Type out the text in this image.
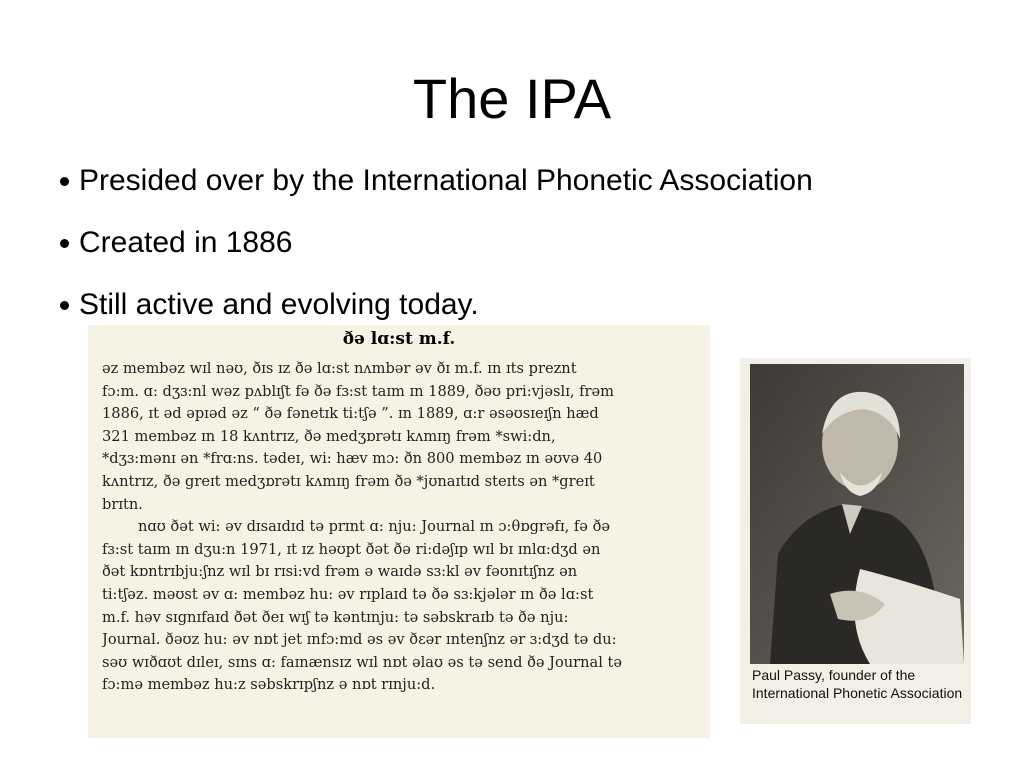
The IPA
Presided over by the International Phonetic Association
Created in 1886
Still active and evolving today.
ðə lɑ:st m.f.
əz membəz wɪl nəʊ, ðɪs ɪz ðə lɑ:st nʌmbər əv ðɪ m.f. ɪn ɪts preznt
fɔ:m. ɑ: dʒɜ:nl wəz pʌblɪʃt fə ðə fɜ:st taɪm ɪn 1889, ðəʊ pri:vjəslɪ, frəm
1886, ɪt əd əpɪəd əz “ ðə fənetɪk ti:tʃə ”. ɪn 1889, ɑ:r əsəʊsɪeɪʃn hæd
321 membəz ɪn 18 kʌntrɪz, ðə medʒɒrətɪ kʌmɪŋ frəm *swi:dn,
*dʒɜ:mənɪ ən *frɑ:ns. tədeɪ, wi: hæv mɔ: ðn 800 membəz ɪn əʊvə 40
kʌntrɪz, ðə greɪt medʒɒrətɪ kʌmɪŋ frəm ðə *jʊnaɪtɪd steɪts ən *greɪt
brɪtn.
nɑʊ ðət wi: əv dɪsaɪdɪd tə prɪnt ɑ: nju: Journal ɪn ɔ:θɒgrəfɪ, fə ðə
fɜ:st taɪm ɪn dʒu:n 1971, ɪt ɪz həʊpt ðət ðə ri:dəʃɪp wɪl bɪ ɪnlɑ:dʒd ən
ðət kɒntrɪbju:ʃnz wɪl bɪ rɪsi:vd frəm ə waɪdə sɜ:kl əv fəʊnɪtɪʃnz ən
ti:tʃəz. məʊst əv ɑ: membəz hu: əv rɪplaɪd tə ðə sɜ:kjələr ɪn ðə lɑ:st
m.f. həv sɪgnɪfaɪd ðət ðeɪ wɪʃ tə kəntɪnju: tə səbskraɪb tə ðə nju:
Journal. ðəʊz hu: əv nɒt jet ɪnfɔ:md əs əv ðɛər ɪntenʃnz ər ɜ:dʒd tə du:
səʊ wɪðɑʊt dɪleɪ, sɪns ɑ: faɪnænsɪz wɪl nɒt əlaʊ əs tə send ðə Journal tə
fɔ:mə membəz hu:z səbskrɪpʃnz ə nɒt rɪnju:d.
Paul Passy, founder of the International Phonetic Association
